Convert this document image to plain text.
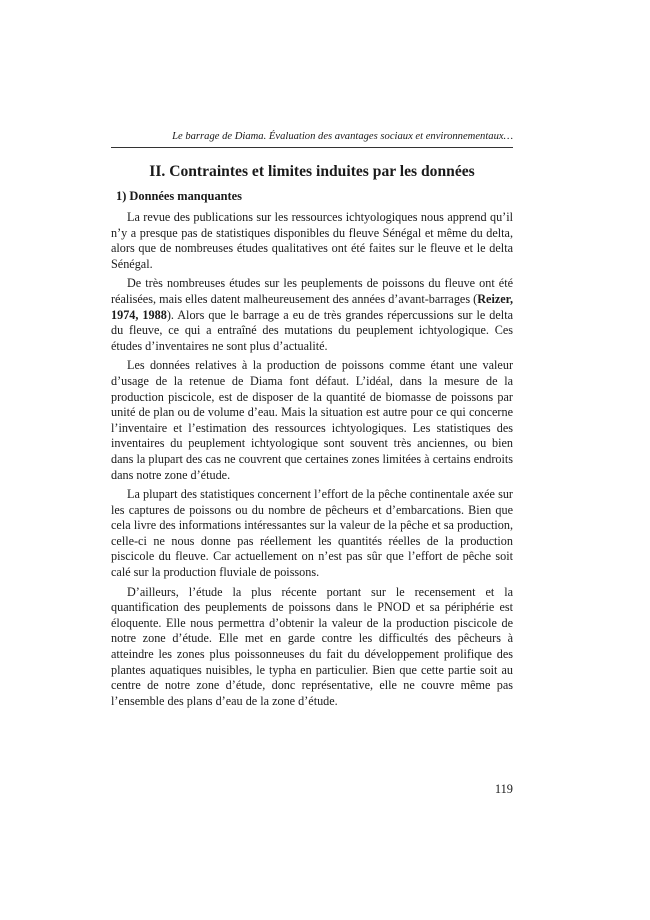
Le barrage de Diama. Évaluation des avantages sociaux et environnementaux…
II. Contraintes et limites induites par les données
1) Données manquantes

La revue des publications sur les ressources ichtyologiques nous apprend qu’il n’y a presque pas de statistiques disponibles du fleuve Sénégal et même du delta, alors que de nombreuses études qualitatives ont été faites sur le fleuve et le delta Sénégal.

De très nombreuses études sur les peuplements de poissons du fleuve ont été réalisées, mais elles datent malheureusement des années d’avant-barrages (Reizer, 1974, 1988). Alors que le barrage a eu de très grandes répercussions sur le delta du fleuve, ce qui a entraîné des mutations du peuplement ichtyologique. Ces études d’inventaires ne sont plus d’actualité.

Les données relatives à la production de poissons comme étant une valeur d’usage de la retenue de Diama font défaut. L’idéal, dans la mesure de la production piscicole, est de disposer de la quantité de biomasse de poissons par unité de plan ou de volume d’eau. Mais la situation est autre pour ce qui concerne l’inventaire et l’estimation des ressources ichtyologiques. Les statistiques des inventaires du peuplement ichtyologique sont souvent très anciennes, ou bien dans la plupart des cas ne couvrent que certaines zones limitées à certains endroits dans notre zone d’étude.

La plupart des statistiques concernent l’effort de la pêche continentale axée sur les captures de poissons ou du nombre de pêcheurs et d’embarcations. Bien que cela livre des informations intéressantes sur la valeur de la pêche et sa production, celle-ci ne nous donne pas réellement les quantités réelles de la production piscicole du fleuve. Car actuellement on n’est pas sûr que l’effort de pêche soit calé sur la production fluviale de poissons.

D’ailleurs, l’étude la plus récente portant sur le recensement et la quantification des peuplements de poissons dans le PNOD et sa périphérie est éloquente. Elle nous permettra d’obtenir la valeur de la production piscicole de notre zone d’étude. Elle met en garde contre les difficultés des pêcheurs à atteindre les zones plus poissonneuses du fait du développement prolifique des plantes aquatiques nuisibles, le typha en particulier. Bien que cette partie soit au centre de notre zone d’étude, donc représentative, elle ne couvre même pas l’ensemble des plans d’eau de la zone d’étude.

119
